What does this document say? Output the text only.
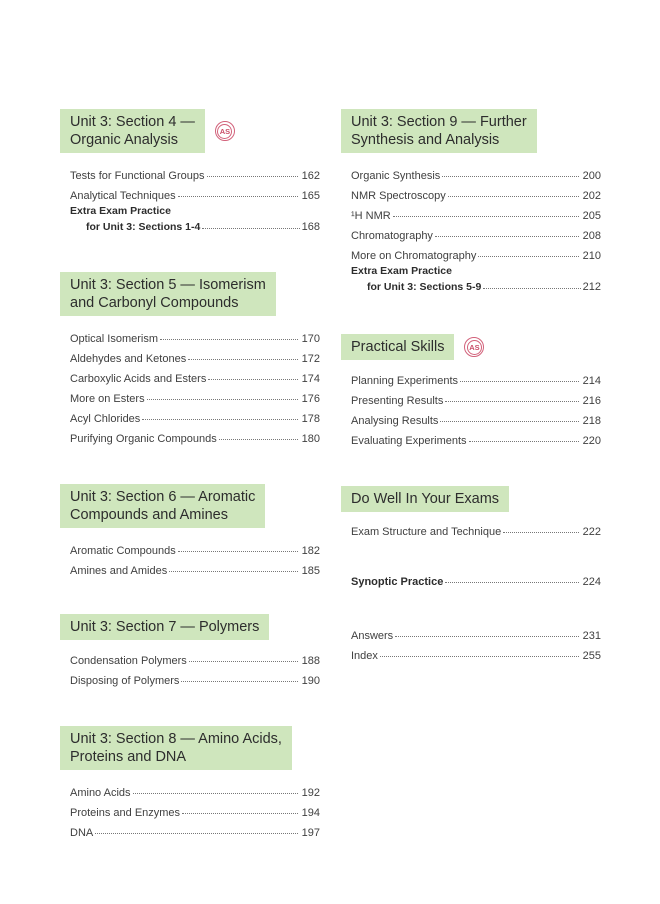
Unit 3: Section 4 —
Organic Analysis
AS
Tests for Functional Groups	162
Analytical Techniques	165
Extra Exam Practice
for Unit 3: Sections 1-4	168
Unit 3: Section 5 — Isomerism
and Carbonyl Compounds
Optical Isomerism	170
Aldehydes and Ketones	172
Carboxylic Acids and Esters	174
More on Esters	176
Acyl Chlorides	178
Purifying Organic Compounds	180
Unit 3: Section 6 — Aromatic
Compounds and Amines
Aromatic Compounds	182
Amines and Amides	185
Unit 3: Section 7 — Polymers
Condensation Polymers	188
Disposing of Polymers	190
Unit 3: Section 8 — Amino Acids,
Proteins and DNA
Amino Acids	192
Proteins and Enzymes	194
DNA	197
Unit 3: Section 9 — Further
Synthesis and Analysis
Organic Synthesis	200
NMR Spectroscopy	202
¹H NMR	205
Chromatography	208
More on Chromatography	210
Extra Exam Practice
for Unit 3: Sections 5-9	212
Practical Skills	AS
Planning Experiments	214
Presenting Results	216
Analysing Results	218
Evaluating Experiments	220
Do Well In Your Exams
Exam Structure and Technique	222
Synoptic Practice	224
Answers	231
Index	255
